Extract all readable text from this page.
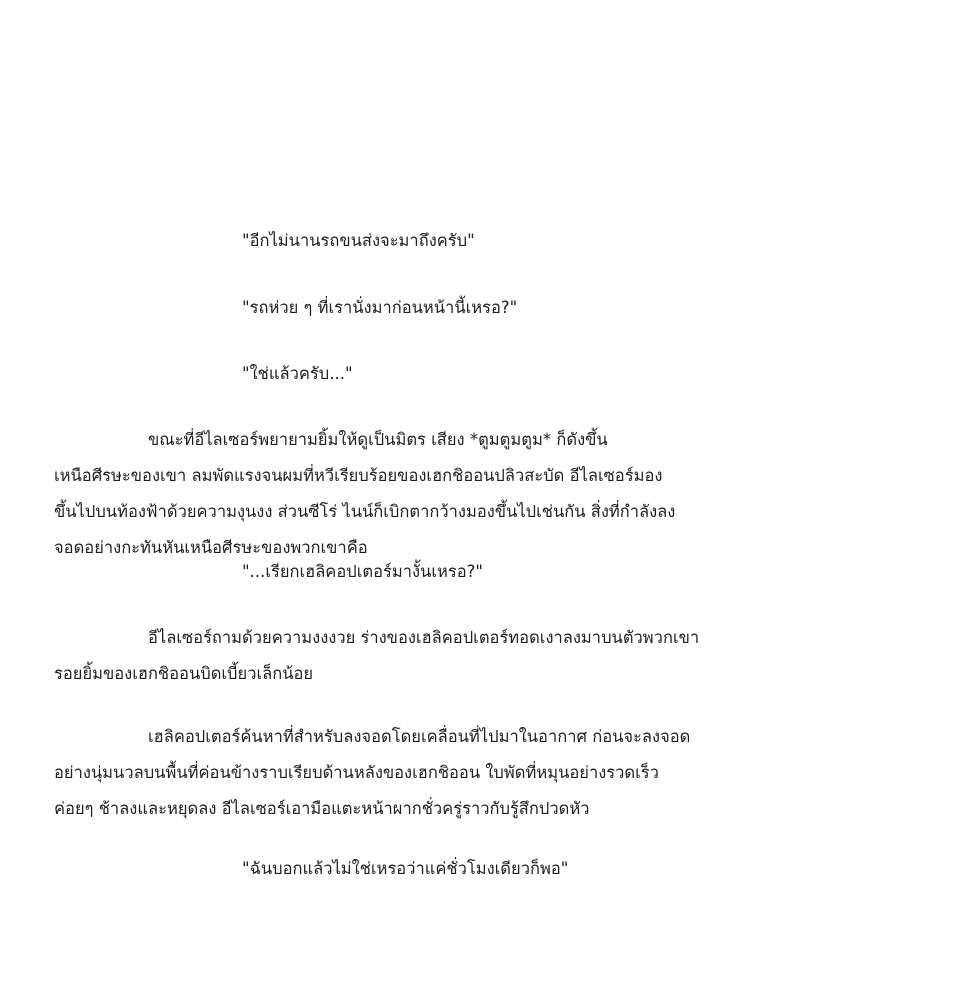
"อีกไม่นานรถขนส่งจะมาถึงครับ"

"รถห่วย ๆ ที่เรานั่งมาก่อนหน้านี้เหรอ?"

"ใช่แล้วครับ..."

ขณะที่อีไลเซอร์พยายามยิ้มให้ดูเป็นมิตร เสียง *ตูมตูมตูม* ก็ดังขึ้น
เหนือศีรษะของเขา ลมพัดแรงจนผมที่หวีเรียบร้อยของเฮกชิออนปลิวสะบัด อีไลเซอร์มอง
ขึ้นไปบนท้องฟ้าด้วยความงุนงง ส่วนซีโร่ ไนน์ก็เบิกตากว้างมองขึ้นไปเช่นกัน สิ่งที่กำลังลง
จอดอย่างกะทันหันเหนือศีรษะของพวกเขาคือ

"...เรียกเฮลิคอปเตอร์มางั้นเหรอ?"

อีไลเซอร์ถามด้วยความงงงวย ร่างของเฮลิคอปเตอร์ทอดเงาลงมาบนตัวพวกเขา
รอยยิ้มของเฮกชิออนบิดเบี้ยวเล็กน้อย

เฮลิคอปเตอร์ค้นหาที่สำหรับลงจอดโดยเคลื่อนที่ไปมาในอากาศ ก่อนจะลงจอด
อย่างนุ่มนวลบนพื้นที่ค่อนข้างราบเรียบด้านหลังของเฮกชิออน ใบพัดที่หมุนอย่างรวดเร็ว
ค่อยๆ ช้าลงและหยุดลง อีไลเซอร์เอามือแตะหน้าผากชั่วครู่ราวกับรู้สึกปวดหัว

"ฉันบอกแล้วไม่ใช่เหรอว่าแค่ชั่วโมงเดียวก็พอ"
